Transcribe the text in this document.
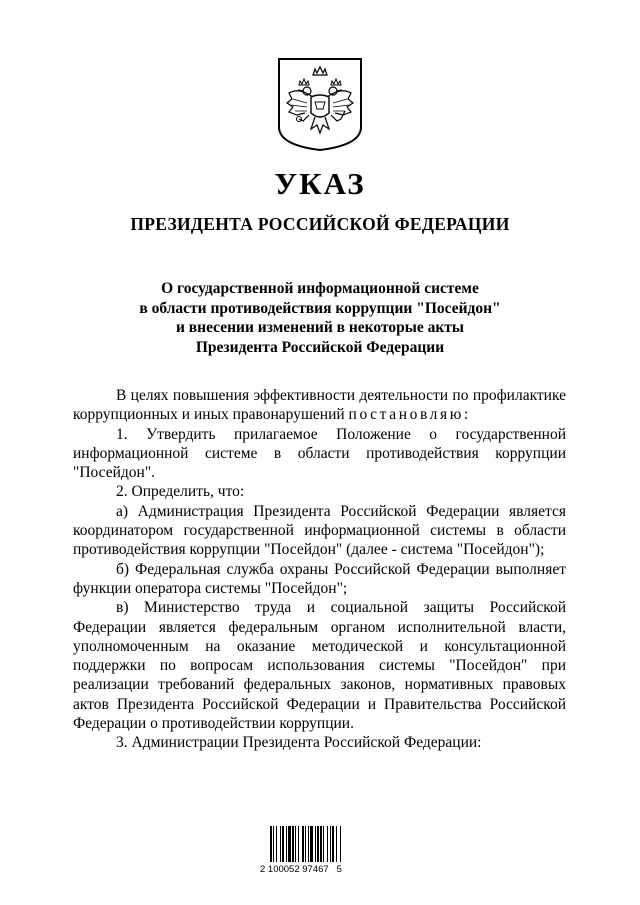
УКАЗ
ПРЕЗИДЕНТА РОССИЙСКОЙ ФЕДЕРАЦИИ
О государственной информационной системе
в области противодействия коррупции "Посейдон"
и внесении изменений в некоторые акты
Президента Российской Федерации

В целях повышения эффективности деятельности по профилактике коррупционных и иных правонарушений постановляю:

1. Утвердить прилагаемое Положение о государственной информационной системе в области противодействия коррупции "Посейдон".

2. Определить, что:

а) Администрация Президента Российской Федерации является координатором государственной информационной системы в области противодействия коррупции "Посейдон" (далее - система "Посейдон");

б) Федеральная служба охраны Российской Федерации выполняет функции оператора системы "Посейдон";

в) Министерство труда и социальной защиты Российской Федерации является федеральным органом исполнительной власти, уполномоченным на оказание методической и консультационной поддержки по вопросам использования системы "Посейдон" при реализации требований федеральных законов, нормативных правовых актов Президента Российской Федерации и Правительства Российской Федерации о противодействии коррупции.

3. Администрации Президента Российской Федерации:

2 100052 97467   5
